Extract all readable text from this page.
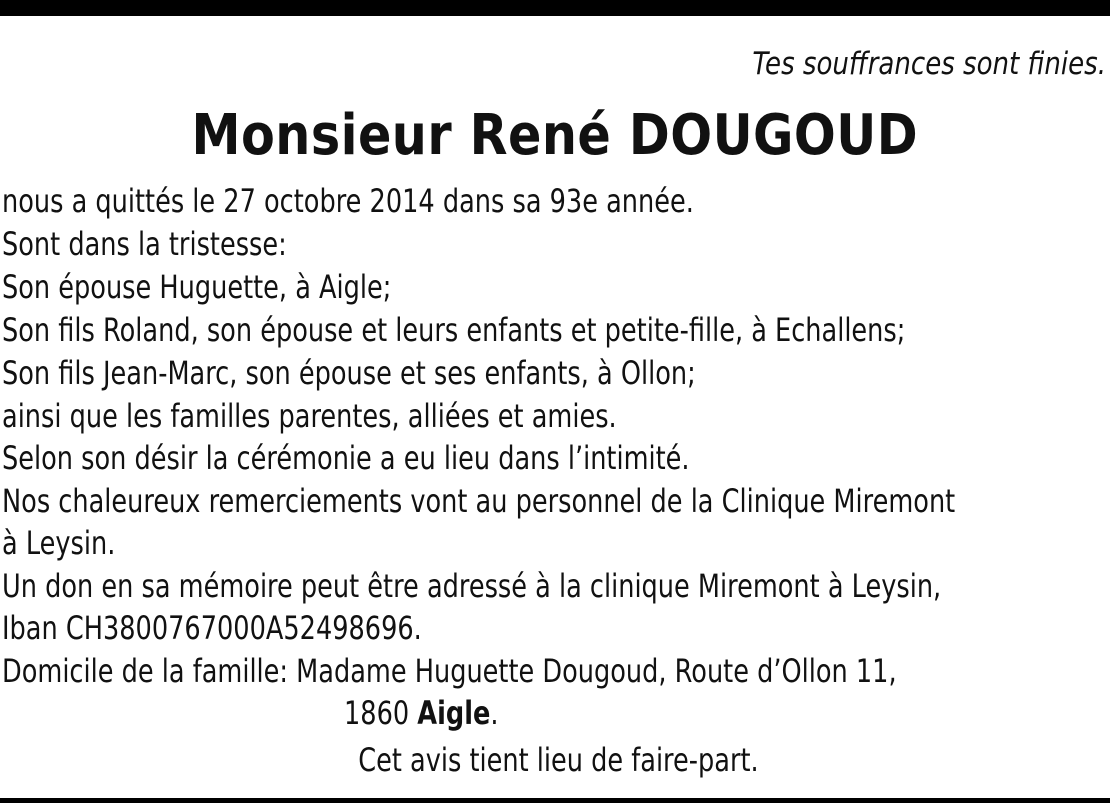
Tes souffrances sont finies.
Monsieur René DOUGOUD
nous a quittés le 27 octobre 2014 dans sa 93e année.
Sont dans la tristesse:
Son épouse Huguette, à Aigle;
Son fils Roland, son épouse et leurs enfants et petite-fille, à Echallens;
Son fils Jean-Marc, son épouse et ses enfants, à Ollon;
ainsi que les familles parentes, alliées et amies.
Selon son désir la cérémonie a eu lieu dans l’intimité.
Nos chaleureux remerciements vont au personnel de la Clinique Miremont
à Leysin.
Un don en sa mémoire peut être adressé à la clinique Miremont à Leysin,
Iban CH3800767000A52498696.
Domicile de la famille: Madame Huguette Dougoud, Route d’Ollon 11,
1860 Aigle.
Cet avis tient lieu de faire-part.
